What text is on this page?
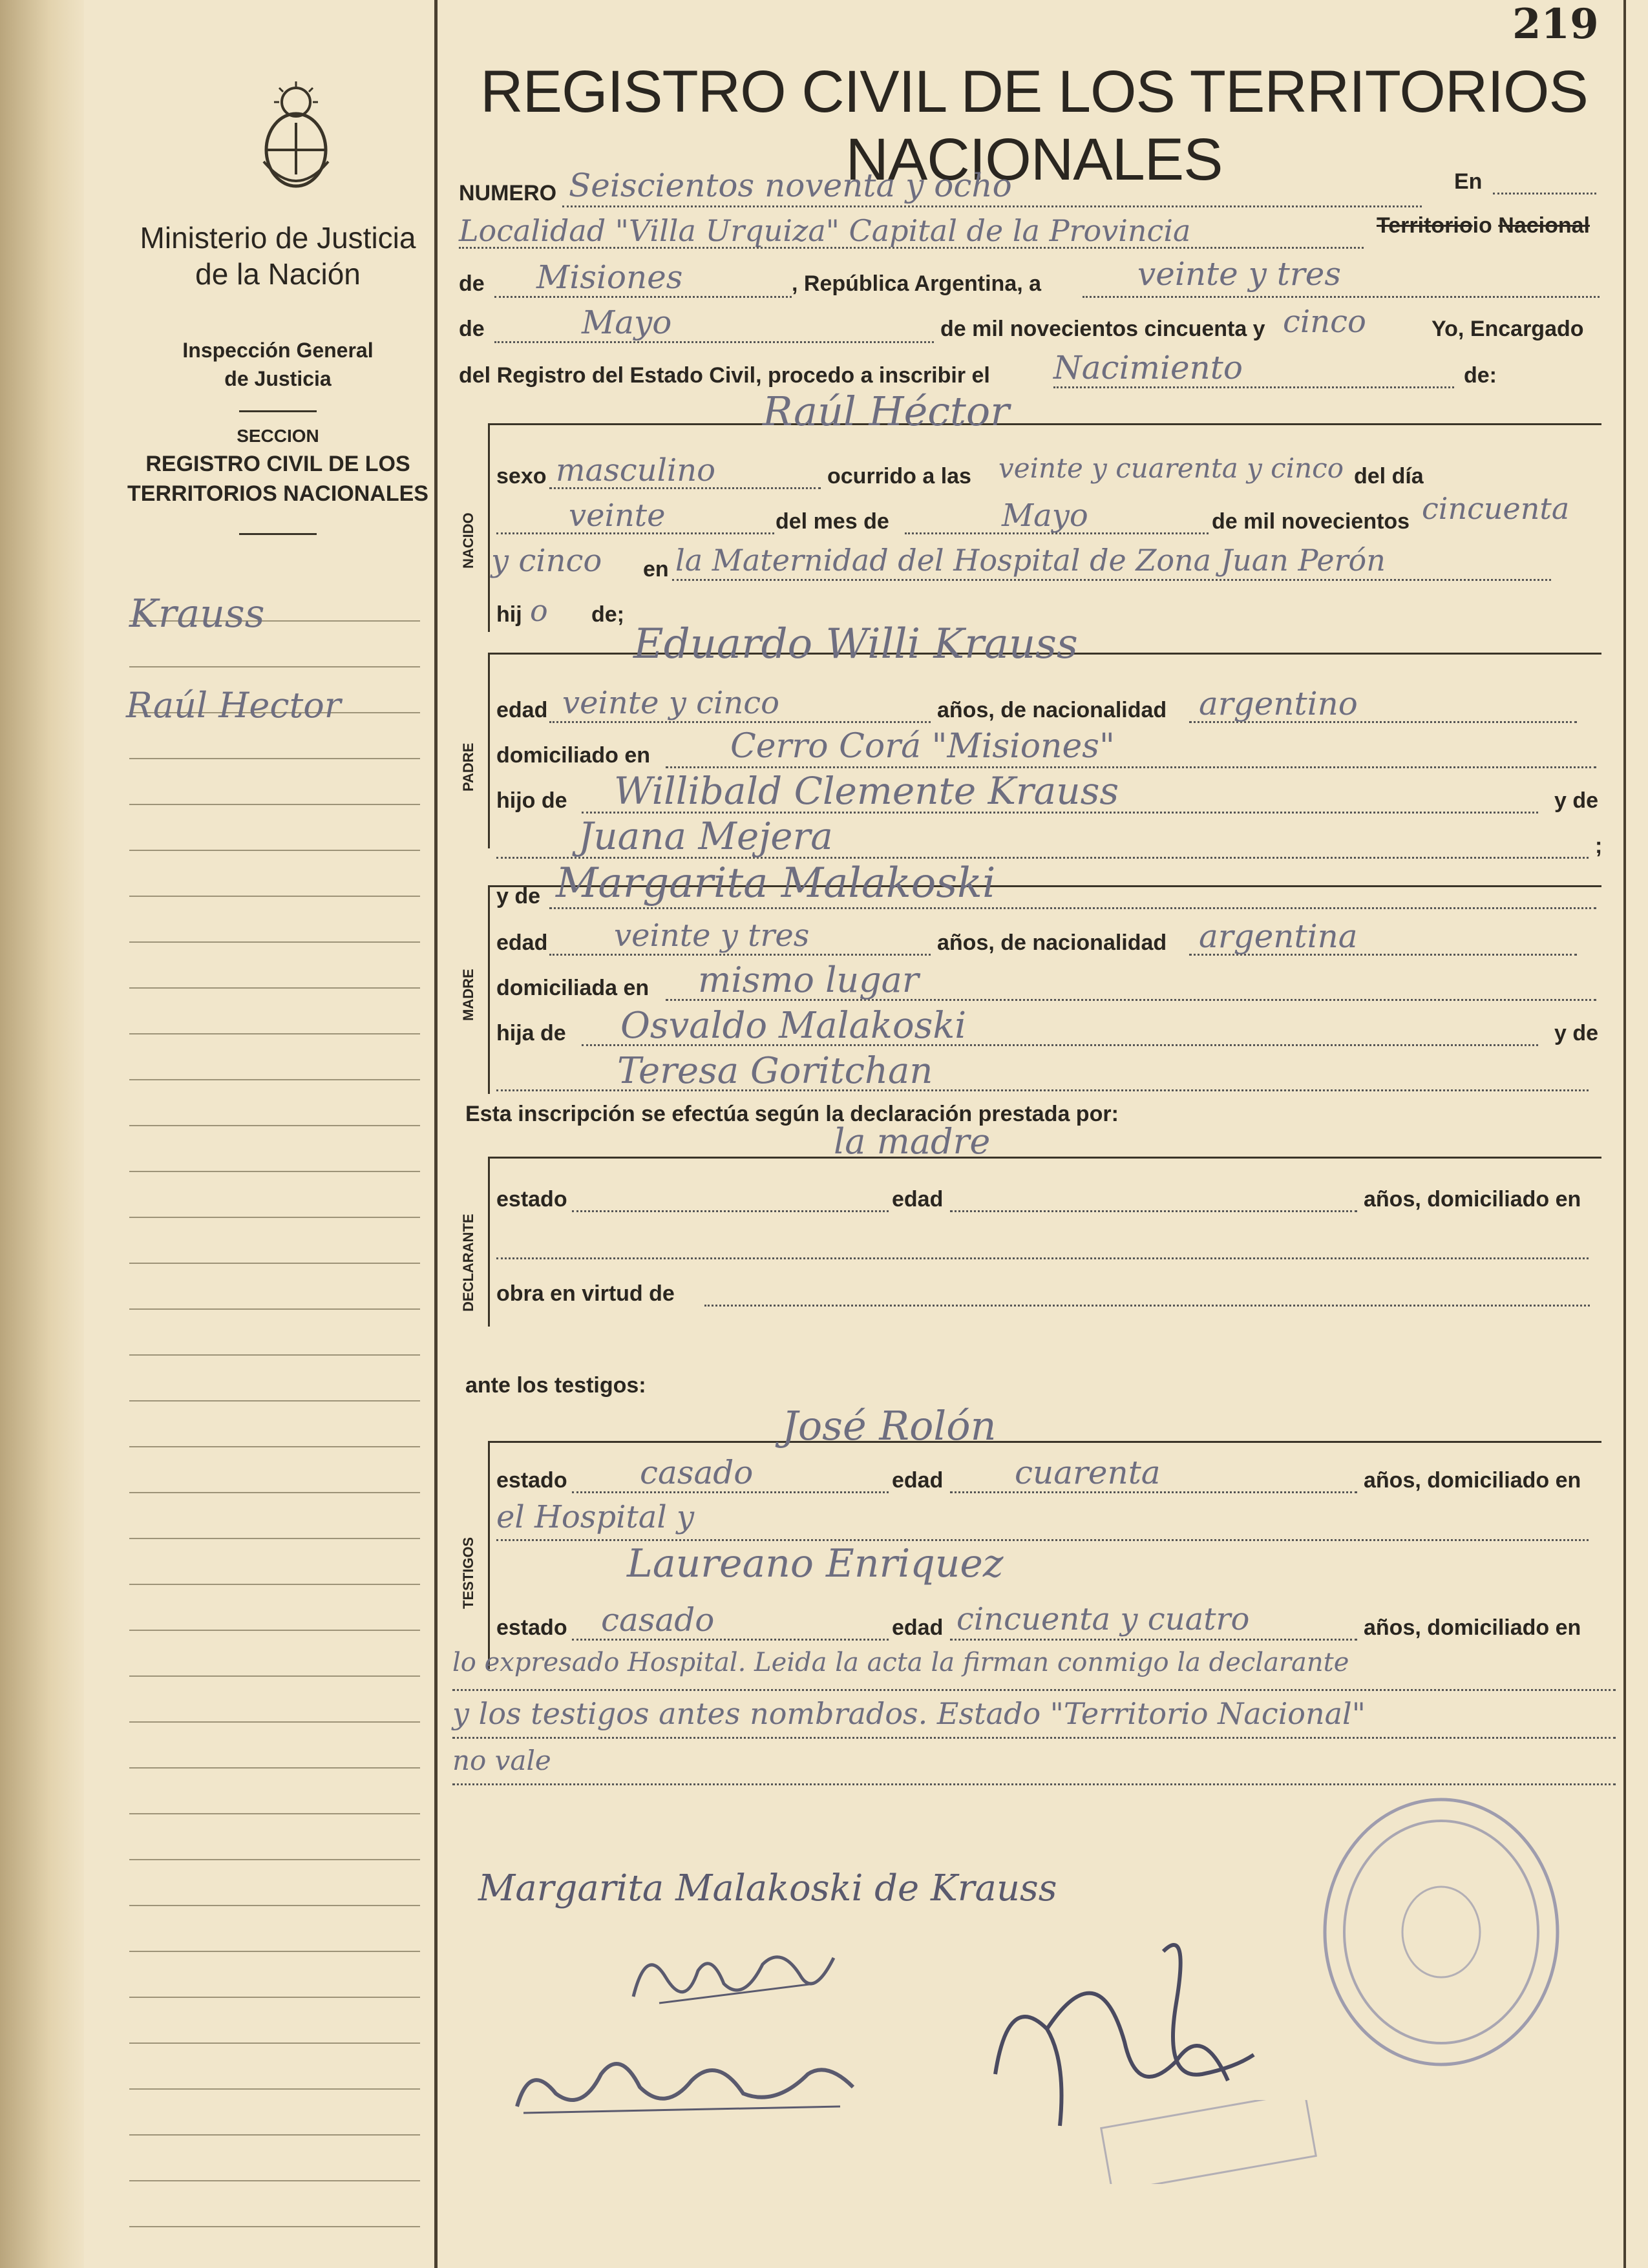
219
Ministerio de Justicia
de la Nación
Inspección General
de Justicia
SECCION
REGISTRO CIVIL DE LOS
TERRITORIOS NACIONALES
Krauss
Raúl Hector
REGISTRO CIVIL DE LOS TERRITORIOS NACIONALES
NUMERO Seiscientos noventa y ocho	En
Localidad "Villa Urquiza" Capital de la Provincia	Territorioio Nacional
de Misiones	, República Argentina, a	veinte y tres
de	Mayo	de mil novecientos cincuenta y cinco	Yo, Encargado
del Registro del Estado Civil, procedo a inscribir el Nacimiento	de:
NACIDO
Raúl Héctor
sexo masculino	ocurrido a las veinte y cuarenta y cinco del día
veinte	del mes de	Mayo	de mil novecientos cincuenta
y cinco en la Maternidad del Hospital de Zona Juan Perón
hij o de;
PADRE
Eduardo Willi Krauss
edad veinte y cinco	años, de nacionalidad argentino
domiciliado en Cerro Corá "Misiones"
hijo de Willibald Clemente Krauss	y de
Juana Mejera	;
MADRE
y de Margarita Malakoski
edad veinte y tres	años, de nacionalidad argentina
domiciliada en mismo lugar
hija de Osvaldo Malakoski	y de
Teresa Goritchan
Esta inscripción se efectúa según la declaración prestada por:
DECLARANTE
la madre
estado	edad	años, domiciliado en
obra en virtud de
ante los testigos:
TESTIGOS
José Rolón
estado casado	edad cuarenta	años, domiciliado en
el Hospital y
Laureano Enriquez
estado casado	edad cincuenta y cuatro	años, domiciliado en
lo expresado Hospital. Leida la acta la firman conmigo la declarante
y los testigos antes nombrados. Estado "Territorio Nacional"
no vale
Margarita Malakoski de Krauss
